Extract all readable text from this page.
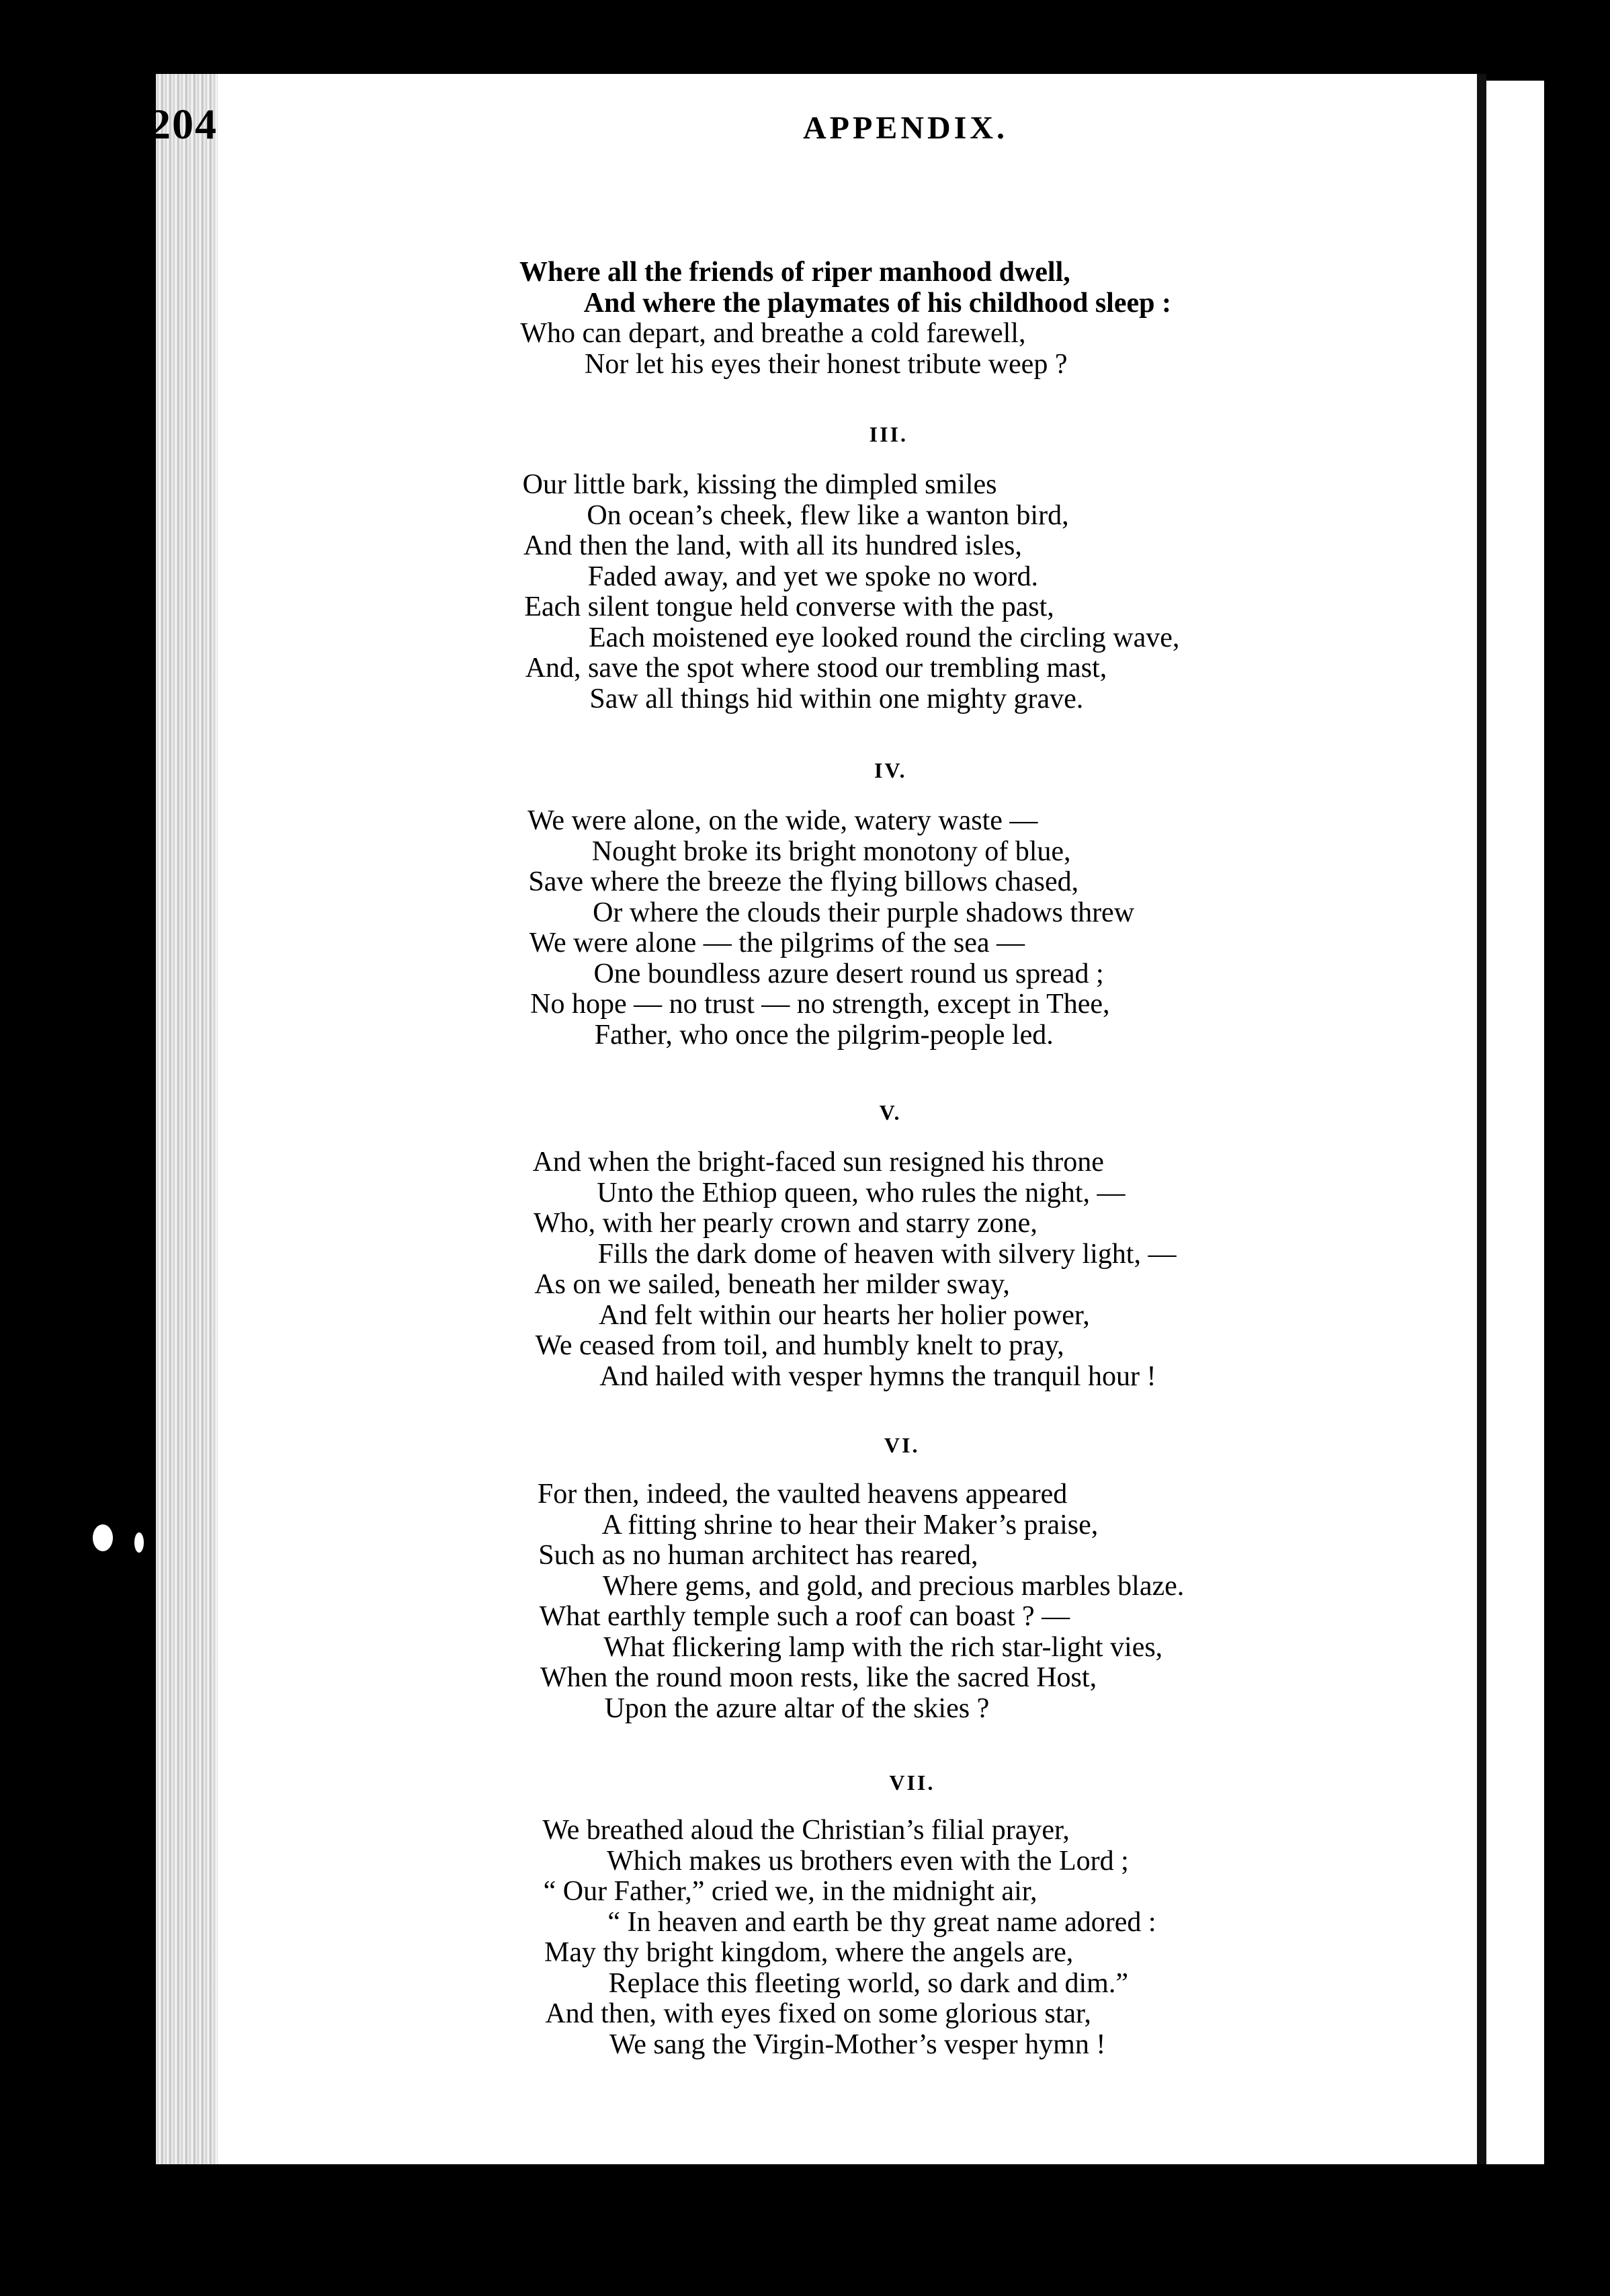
204	APPENDIX.
Where all the friends of riper manhood dwell,
And where the playmates of his childhood sleep :
Who can depart, and breathe a cold farewell,
Nor let his eyes their honest tribute weep ?
III.
Our little bark, kissing the dimpled smiles
On ocean’s cheek, flew like a wanton bird,
And then the land, with all its hundred isles,
Faded away, and yet we spoke no word.
Each silent tongue held converse with the past,
Each moistened eye looked round the circling wave,
And, save the spot where stood our trembling mast,
Saw all things hid within one mighty grave.
IV.
We were alone, on the wide, watery waste —
Nought broke its bright monotony of blue,
Save where the breeze the flying billows chased,
Or where the clouds their purple shadows threw
We were alone — the pilgrims of the sea —
One boundless azure desert round us spread ;
No hope — no trust — no strength, except in Thee,
Father, who once the pilgrim-people led.
V.
And when the bright-faced sun resigned his throne
Unto the Ethiop queen, who rules the night, —
Who, with her pearly crown and starry zone,
Fills the dark dome of heaven with silvery light, —
As on we sailed, beneath her milder sway,
And felt within our hearts her holier power,
We ceased from toil, and humbly knelt to pray,
And hailed with vesper hymns the tranquil hour !
VI.
For then, indeed, the vaulted heavens appeared
A fitting shrine to hear their Maker’s praise,
Such as no human architect has reared,
Where gems, and gold, and precious marbles blaze.
What earthly temple such a roof can boast ? —
What flickering lamp with the rich star-light vies,
When the round moon rests, like the sacred Host,
Upon the azure altar of the skies ?
VII.
We breathed aloud the Christian’s filial prayer,
Which makes us brothers even with the Lord ;
“ Our Father,” cried we, in the midnight air,
“ In heaven and earth be thy great name adored :
May thy bright kingdom, where the angels are,
Replace this fleeting world, so dark and dim.”
And then, with eyes fixed on some glorious star,
We sang the Virgin-Mother’s vesper hymn !
